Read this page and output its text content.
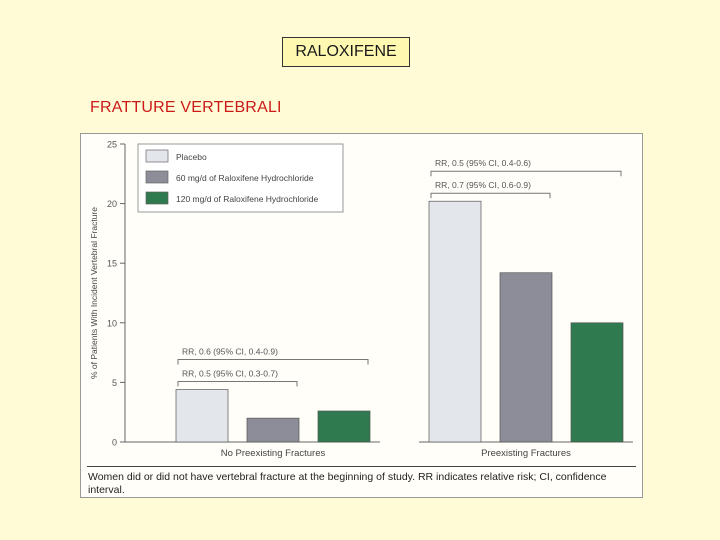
RALOXIFENE
FRATTURE VERTEBRALI
0
5
10
15
20
25
% of Patients With Incident Vertebral Fracture
No Preexisting Fractures	Preexisting Fractures
RR, 0.5 (95% CI, 0.3-0.7)
RR, 0.6 (95% CI, 0.4-0.9)
RR, 0.7 (95% CI, 0.6-0.9)
RR, 0.5 (95% CI, 0.4-0.6)
Placebo
60 mg/d of Raloxifene Hydrochloride
120 mg/d of Raloxifene Hydrochloride
Women did or did not have vertebral fracture at the beginning of study. RR indicates relative risk; CI, confidence interval.
